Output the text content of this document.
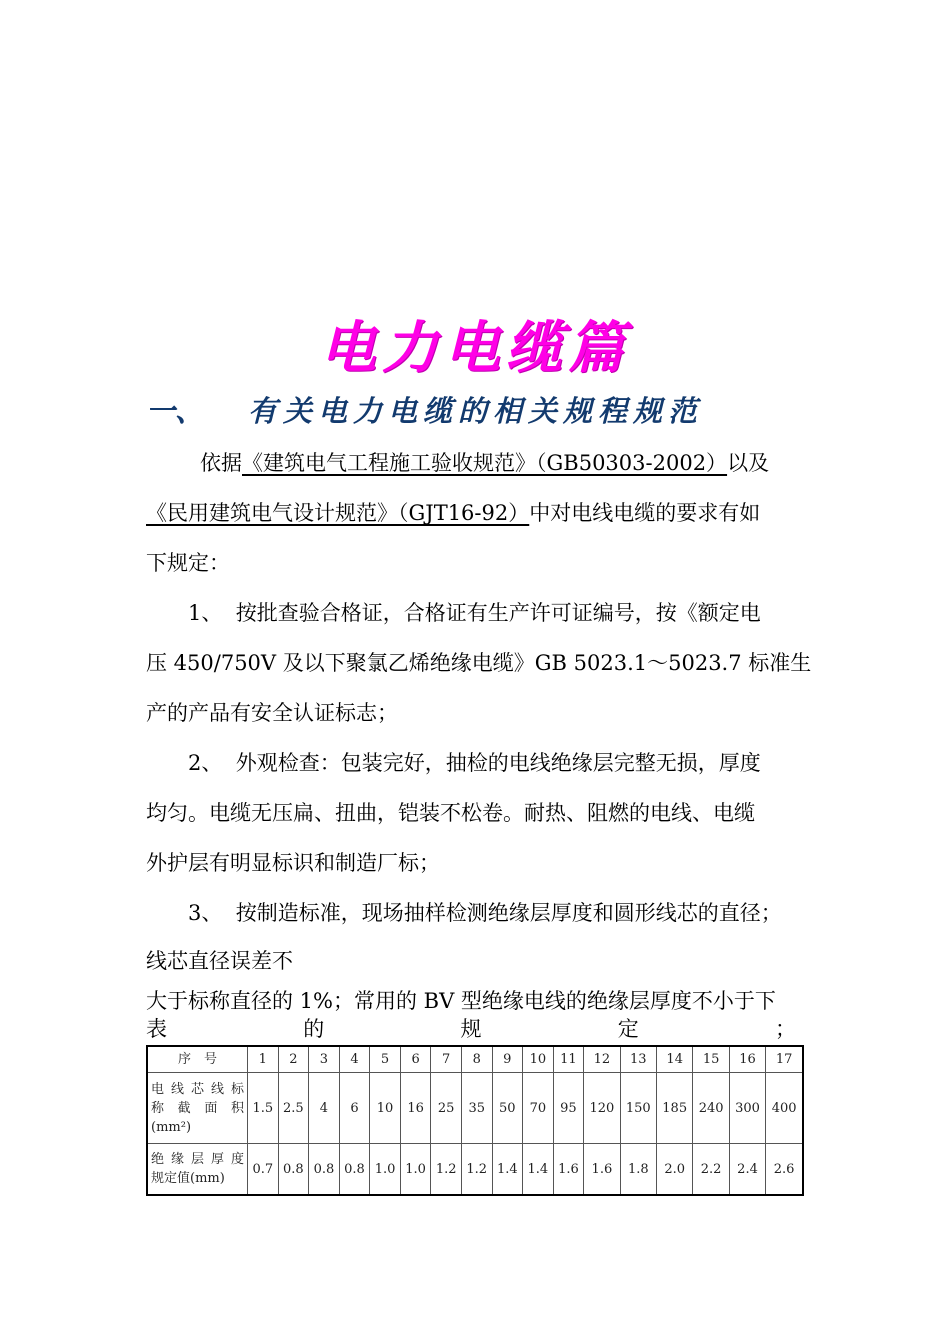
电力电缆篇
一、 有关电力电缆的相关规程规范
依据《建筑电气工程施工验收规范》（GB50303-2002）以及
《民用建筑电气设计规范》（GJT16-92）中对电线电缆的要求有如
下规定：
1、 按批查验合格证，合格证有生产许可证编号，按《额定电
压 450/750V 及以下聚氯乙烯绝缘电缆》GB 5023.1～5023.7 标准生
产的产品有安全认证标志；
2、 外观检查：包装完好，抽检的电线绝缘层完整无损，厚度
均匀。电缆无压扁、扭曲，铠装不松卷。耐热、阻燃的电线、电缆
外护层有明显标识和制造厂标；
3、 按制造标准，现场抽样检测绝缘层厚度和圆形线芯的直径；
线芯直径误差不
大于标称直径的 1%；常用的 BV 型绝缘电线的绝缘层厚度不小于下
表	的	规	定	；
序　号	1	2	3	4	5	6	7	8	9	10	11	12	13	14	15	16	17

电线芯线标
称 截 面 积
(mm²)	1.5	2.5	4	6	10	16	25	35	50	70	95	120	150	185	240	300	400

绝缘层厚度
规定值(mm)	0.7	0.8	0.8	0.8	1.0	1.0	1.2	1.2	1.4	1.4	1.6	1.6	1.8	2.0	2.2	2.4	2.6
